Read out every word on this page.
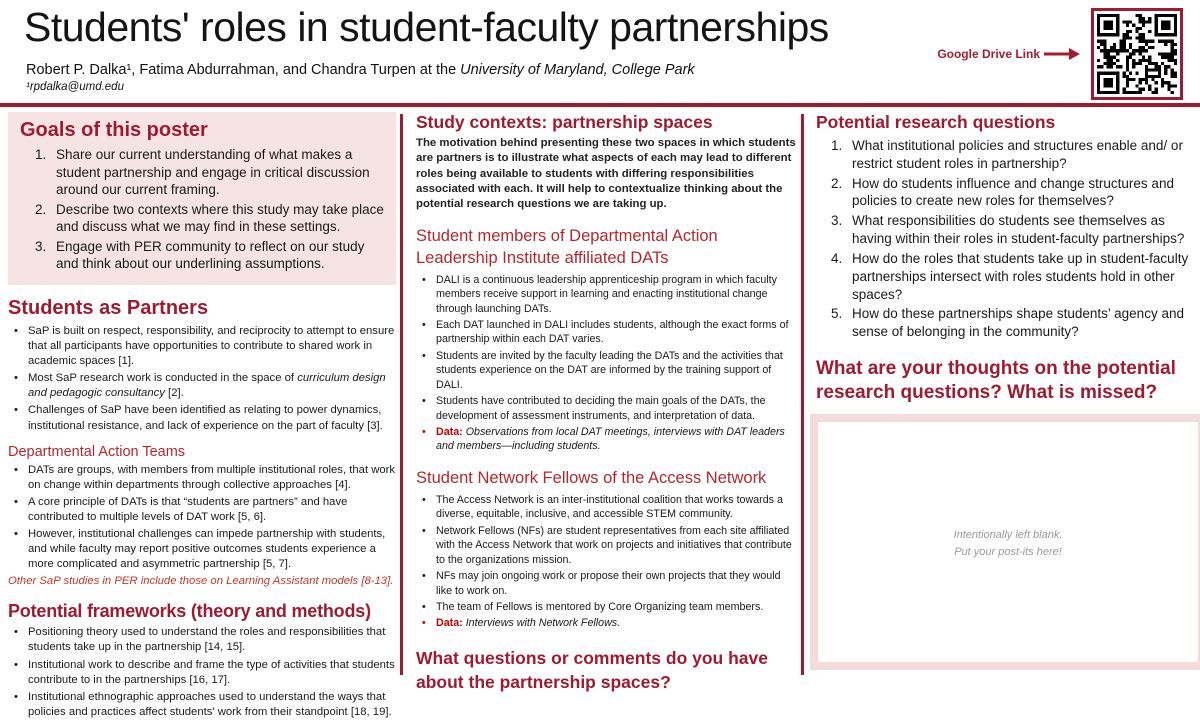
Students' roles in student-faculty partnerships
Robert P. Dalka¹, Fatima Abdurrahman, and Chandra Turpen at the University of Maryland, College Park
¹rpdalka@umd.edu
Google Drive Link
Goals of this poster
1. Share our current understanding of what makes a student partnership and engage in critical discussion around our current framing.
2. Describe two contexts where this study may take place and discuss what we may find in these settings.
3. Engage with PER community to reflect on our study and think about our underlining assumptions.
Students as Partners
• SaP is built on respect, responsibility, and reciprocity to attempt to ensure that all participants have opportunities to contribute to shared work in academic spaces [1].
• Most SaP research work is conducted in the space of curriculum design and pedagogic consultancy [2].
• Challenges of SaP have been identified as relating to power dynamics, institutional resistance, and lack of experience on the part of faculty [3].
Departmental Action Teams
• DATs are groups, with members from multiple institutional roles, that work on change within departments through collective approaches [4].
• A core principle of DATs is that “students are partners” and have contributed to multiple levels of DAT work [5, 6].
• However, institutional challenges can impede partnership with students, and while faculty may report positive outcomes students experience a more complicated and asymmetric partnership [5, 7].
Other SaP studies in PER include those on Learning Assistant models [8-13].
Potential frameworks (theory and methods)
• Positioning theory used to understand the roles and responsibilities that students take up in the partnership [14, 15].
• Institutional work to describe and frame the type of activities that students contribute to in the partnerships [16, 17].
• Institutional ethnographic approaches used to understand the ways that policies and practices affect students' work from their standpoint [18, 19].
Study contexts: partnership spaces

The motivation behind presenting these two spaces in which students are partners is to illustrate what aspects of each may lead to different roles being available to students with differing responsibilities associated with each. It will help to contextualize thinking about the potential research questions we are taking up.

Student members of Departmental Action Leadership Institute affiliated DATs
• DALI is a continuous leadership apprenticeship program in which faculty members receive support in learning and enacting institutional change through launching DATs.
• Each DAT launched in DALI includes students, although the exact forms of partnership within each DAT varies.
• Students are invited by the faculty leading the DATs and the activities that students experience on the DAT are informed by the training support of DALI.
• Students have contributed to deciding the main goals of the DATs, the development of assessment instruments, and interpretation of data.
• Data: Observations from local DAT meetings, interviews with DAT leaders and members—including students.
Student Network Fellows of the Access Network
• The Access Network is an inter-institutional coalition that works towards a diverse, equitable, inclusive, and accessible STEM community.
• Network Fellows (NFs) are student representatives from each site affiliated with the Access Network that work on projects and initiatives that contribute to the organizations mission.
• NFs may join ongoing work or propose their own projects that they would like to work on.
• The team of Fellows is mentored by Core Organizing team members.
• Data: Interviews with Network Fellows.
What questions or comments do you have about the partnership spaces?
Potential research questions
1. What institutional policies and structures enable and/ or restrict student roles in partnership?
2. How do students influence and change structures and policies to create new roles for themselves?
3. What responsibilities do students see themselves as having within their roles in student-faculty partnerships?
4. How do the roles that students take up in student-faculty partnerships intersect with roles students hold in other spaces?
5. How do these partnerships shape students’ agency and sense of belonging in the community?
What are your thoughts on the potential research questions? What is missed?
Intentionally left blank.
Put your post-its here!
